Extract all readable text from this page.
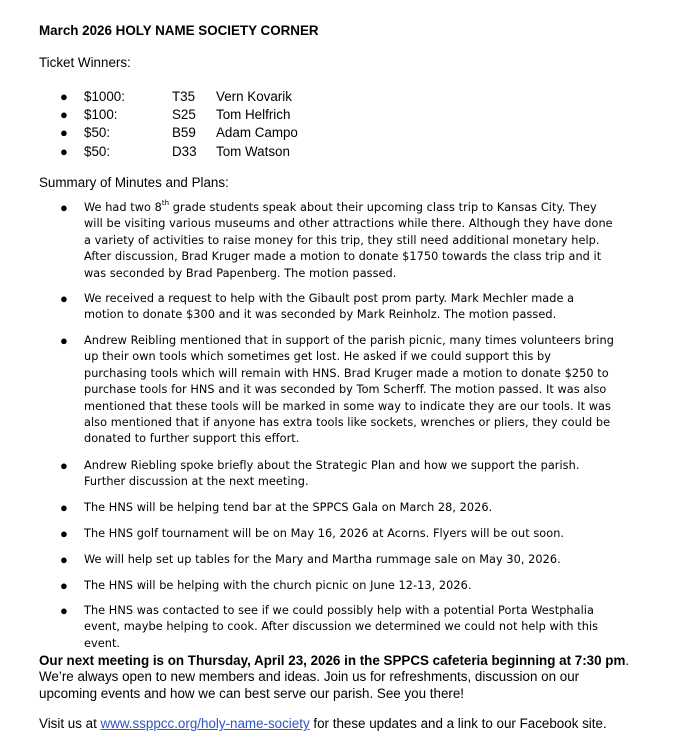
March 2026 HOLY NAME SOCIETY CORNER
Ticket Winners:
● $1000:	T35 Vern Kovarik
● $100:	S25 Tom Helfrich
● $50:	B59 Adam Campo
● $50:	D33 Tom Watson
Summary of Minutes and Plans:
● We had two 8th grade students speak about their upcoming class trip to Kansas City. They will be visiting various museums and other attractions while there. Although they have done a variety of activities to raise money for this trip, they still need additional monetary help. After discussion, Brad Kruger made a motion to donate $1750 towards the class trip and it was seconded by Brad Papenberg. The motion passed.
● We received a request to help with the Gibault post prom party. Mark Mechler made a motion to donate $300 and it was seconded by Mark Reinholz. The motion passed.
● Andrew Reibling mentioned that in support of the parish picnic, many times volunteers bring up their own tools which sometimes get lost. He asked if we could support this by purchasing tools which will remain with HNS. Brad Kruger made a motion to donate $250 to purchase tools for HNS and it was seconded by Tom Scherff. The motion passed. It was also mentioned that these tools will be marked in some way to indicate they are our tools. It was also mentioned that if anyone has extra tools like sockets, wrenches or pliers, they could be donated to further support this effort.
● Andrew Riebling spoke briefly about the Strategic Plan and how we support the parish. Further discussion at the next meeting.
● The HNS will be helping tend bar at the SPPCS Gala on March 28, 2026.
● The HNS golf tournament will be on May 16, 2026 at Acorns. Flyers will be out soon.
● We will help set up tables for the Mary and Martha rummage sale on May 30, 2026.
● The HNS will be helping with the church picnic on June 12-13, 2026.
● The HNS was contacted to see if we could possibly help with a potential Porta Westphalia event, maybe helping to cook. After discussion we determined we could not help with this event.
Our next meeting is on Thursday, April 23, 2026 in the SPPCS cafeteria beginning at 7:30 pm. We’re always open to new members and ideas. Join us for refreshments, discussion on our upcoming events and how we can best serve our parish. See you there!
Visit us at www.ssppcc.org/holy-name-society for these updates and a link to our Facebook site.
